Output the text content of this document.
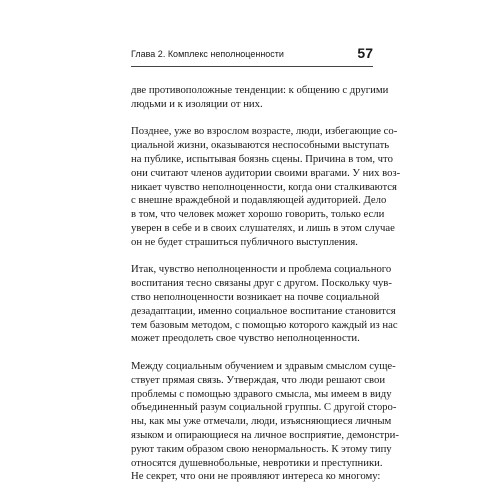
Глава 2. Комплекс неполноценности	57
две противоположные тенденции: к общению с другими
людьми и к изоляции от них.
Позднее, уже во взрослом возрасте, люди, избегающие со-
циальной жизни, оказываются неспособными выступать
на публике, испытывая боязнь сцены. Причина в том, что
они считают членов аудитории своими врагами. У них воз-
никает чувство неполноценности, когда они сталкиваются
с внешне враждебной и подавляющей аудиторией. Дело
в том, что человек может хорошо говорить, только если
уверен в себе и в своих слушателях, и лишь в этом случае
он не будет страшиться публичного выступления.
Итак, чувство неполноценности и проблема социального
воспитания тесно связаны друг с другом. Поскольку чув-
ство неполноценности возникает на почве социальной
дезадаптации, именно социальное воспитание становится
тем базовым методом, с помощью которого каждый из нас
может преодолеть свое чувство неполноценности.
Между социальным обучением и здравым смыслом суще-
ствует прямая связь. Утверждая, что люди решают свои
проблемы с помощью здравого смысла, мы имеем в виду
объединенный разум социальной группы. С другой сторо-
ны, как мы уже отмечали, люди, изъясняющиеся личным
языком и опирающиеся на личное восприятие, демонстри-
руют таким образом свою ненормальность. К этому типу
относятся душевнобольные, невротики и преступники.
Не секрет, что они не проявляют интереса ко многому:
